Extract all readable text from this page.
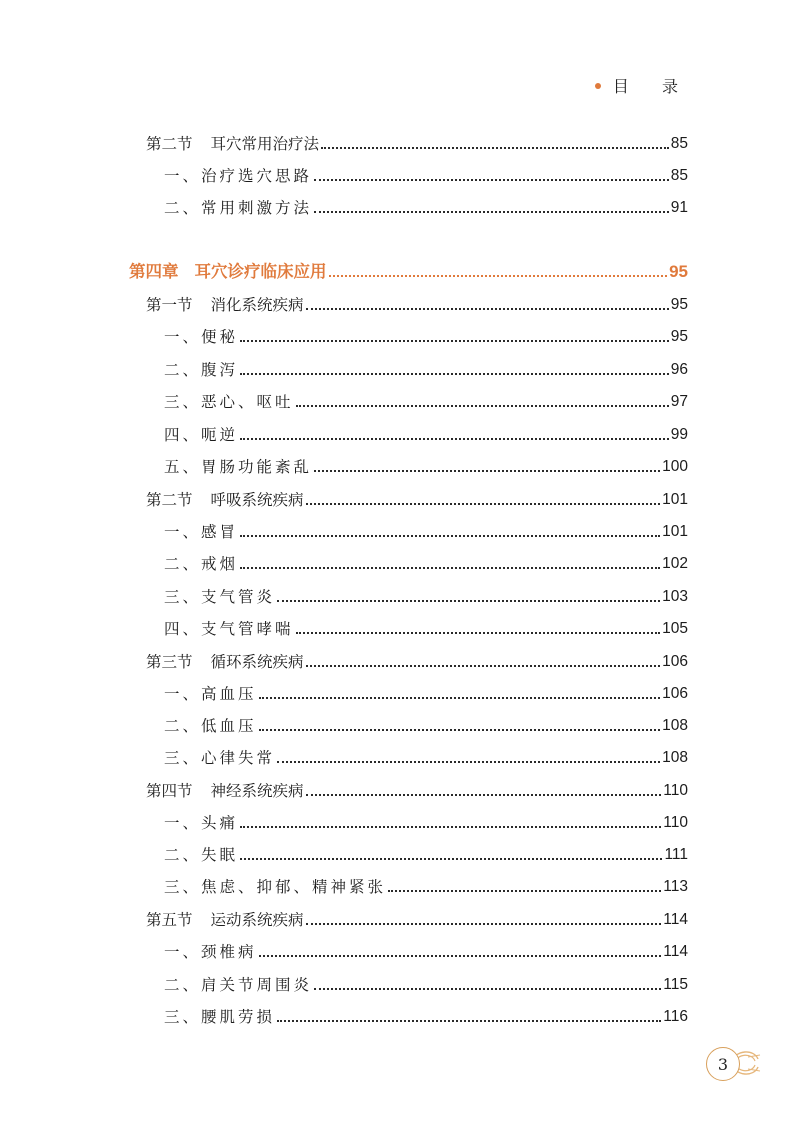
目 录
第二节 耳穴常用治疗法	85
一、治疗选穴思路	85
二、常用刺激方法	91
第四章 耳穴诊疗临床应用	95
第一节 消化系统疾病	95
一、便秘	95
二、腹泻	96
三、恶心、呕吐	97
四、呃逆	99
五、胃肠功能紊乱	100
第二节 呼吸系统疾病	101
一、感冒	101
二、戒烟	102
三、支气管炎	103
四、支气管哮喘	105
第三节 循环系统疾病	106
一、高血压	106
二、低血压	108
三、心律失常	108
第四节 神经系统疾病	110
一、头痛	110
二、失眠	111
三、焦虑、抑郁、精神紧张	113
第五节 运动系统疾病	114
一、颈椎病	114
二、肩关节周围炎	115
三、腰肌劳损	116
3
